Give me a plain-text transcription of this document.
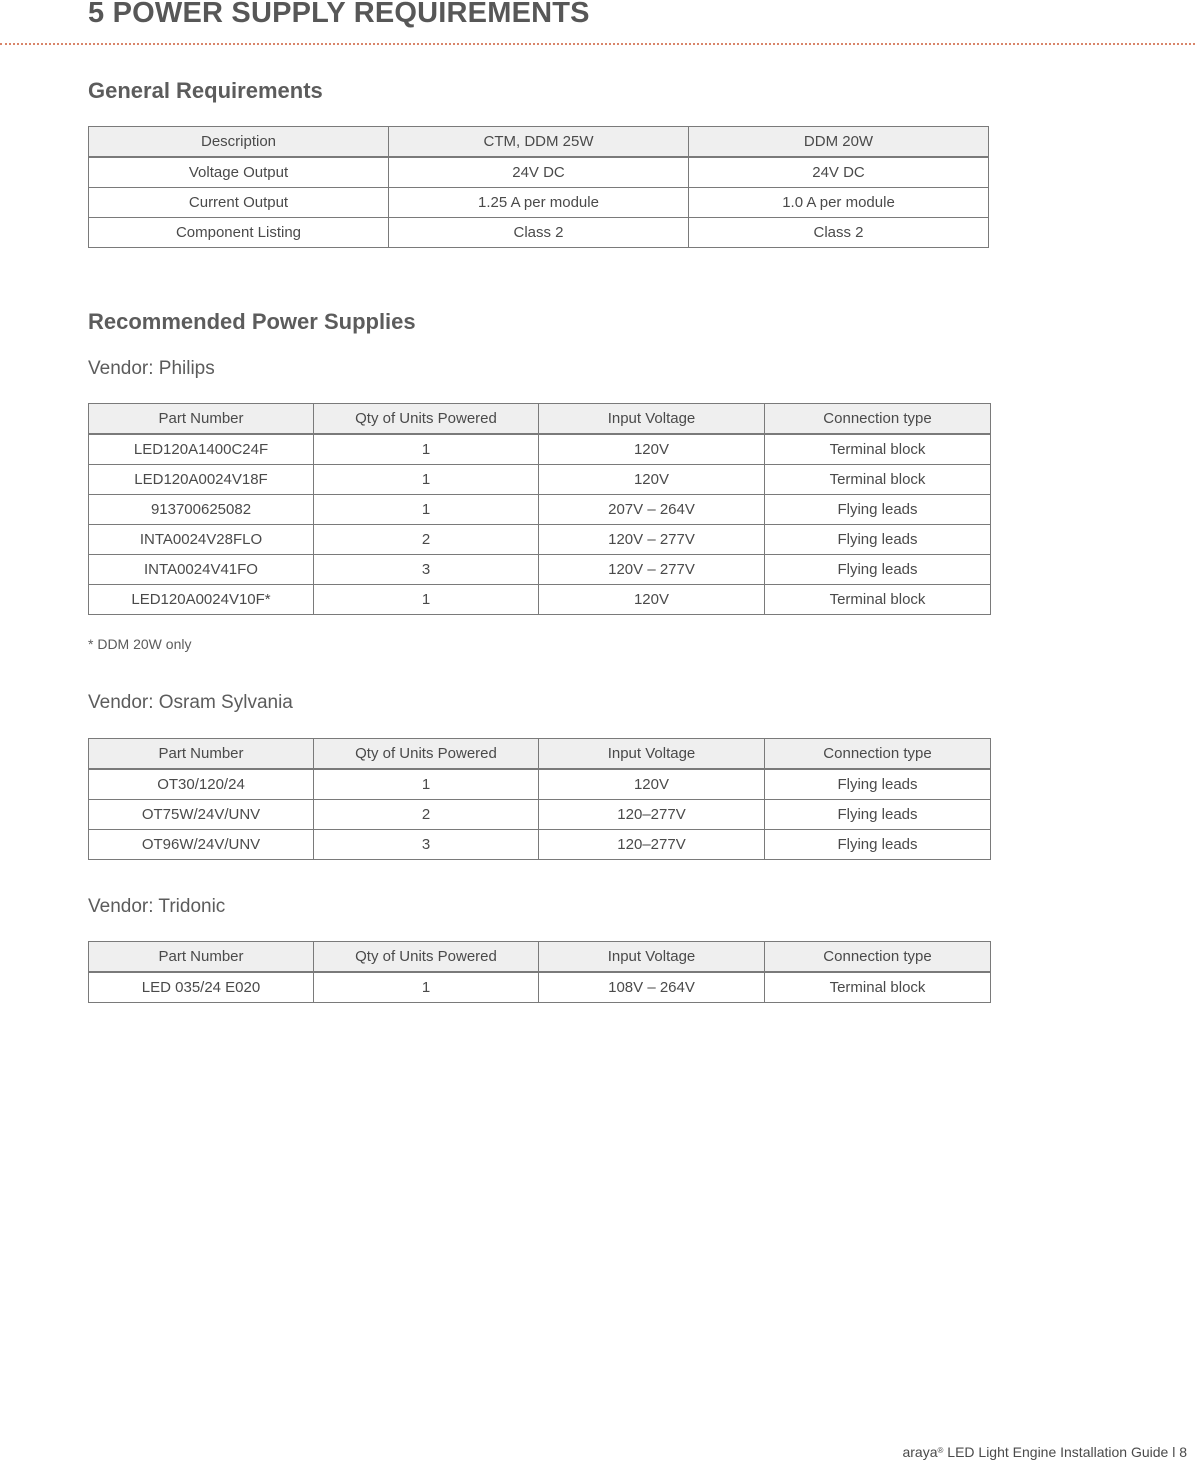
5 POWER SUPPLY REQUIREMENTS
General Requirements
Description	CTM, DDM 25W	DDM 20W
Voltage Output	24V DC	24V DC
Current Output	1.25 A per module	1.0 A per module
Component Listing	Class 2	Class 2
Recommended Power Supplies
Vendor: Philips
Part Number	Qty of Units Powered	Input Voltage	Connection type
LED120A1400C24F	1	120V	Terminal block
LED120A0024V18F	1	120V	Terminal block
913700625082	1	207V – 264V	Flying leads
INTA0024V28FLO	2	120V – 277V	Flying leads
INTA0024V41FO	3	120V – 277V	Flying leads
LED120A0024V10F*	1	120V	Terminal block

* DDM 20W only

Vendor: Osram Sylvania
Part Number	Qty of Units Powered	Input Voltage	Connection type
OT30/120/24	1	120V	Flying leads
OT75W/24V/UNV	2	120–277V	Flying leads
OT96W/24V/UNV	3	120–277V	Flying leads
Vendor: Tridonic
Part Number	Qty of Units Powered	Input Voltage	Connection type
LED 035/24 E020	1	108V – 264V	Terminal block
araya® LED Light Engine Installation Guide l 8
